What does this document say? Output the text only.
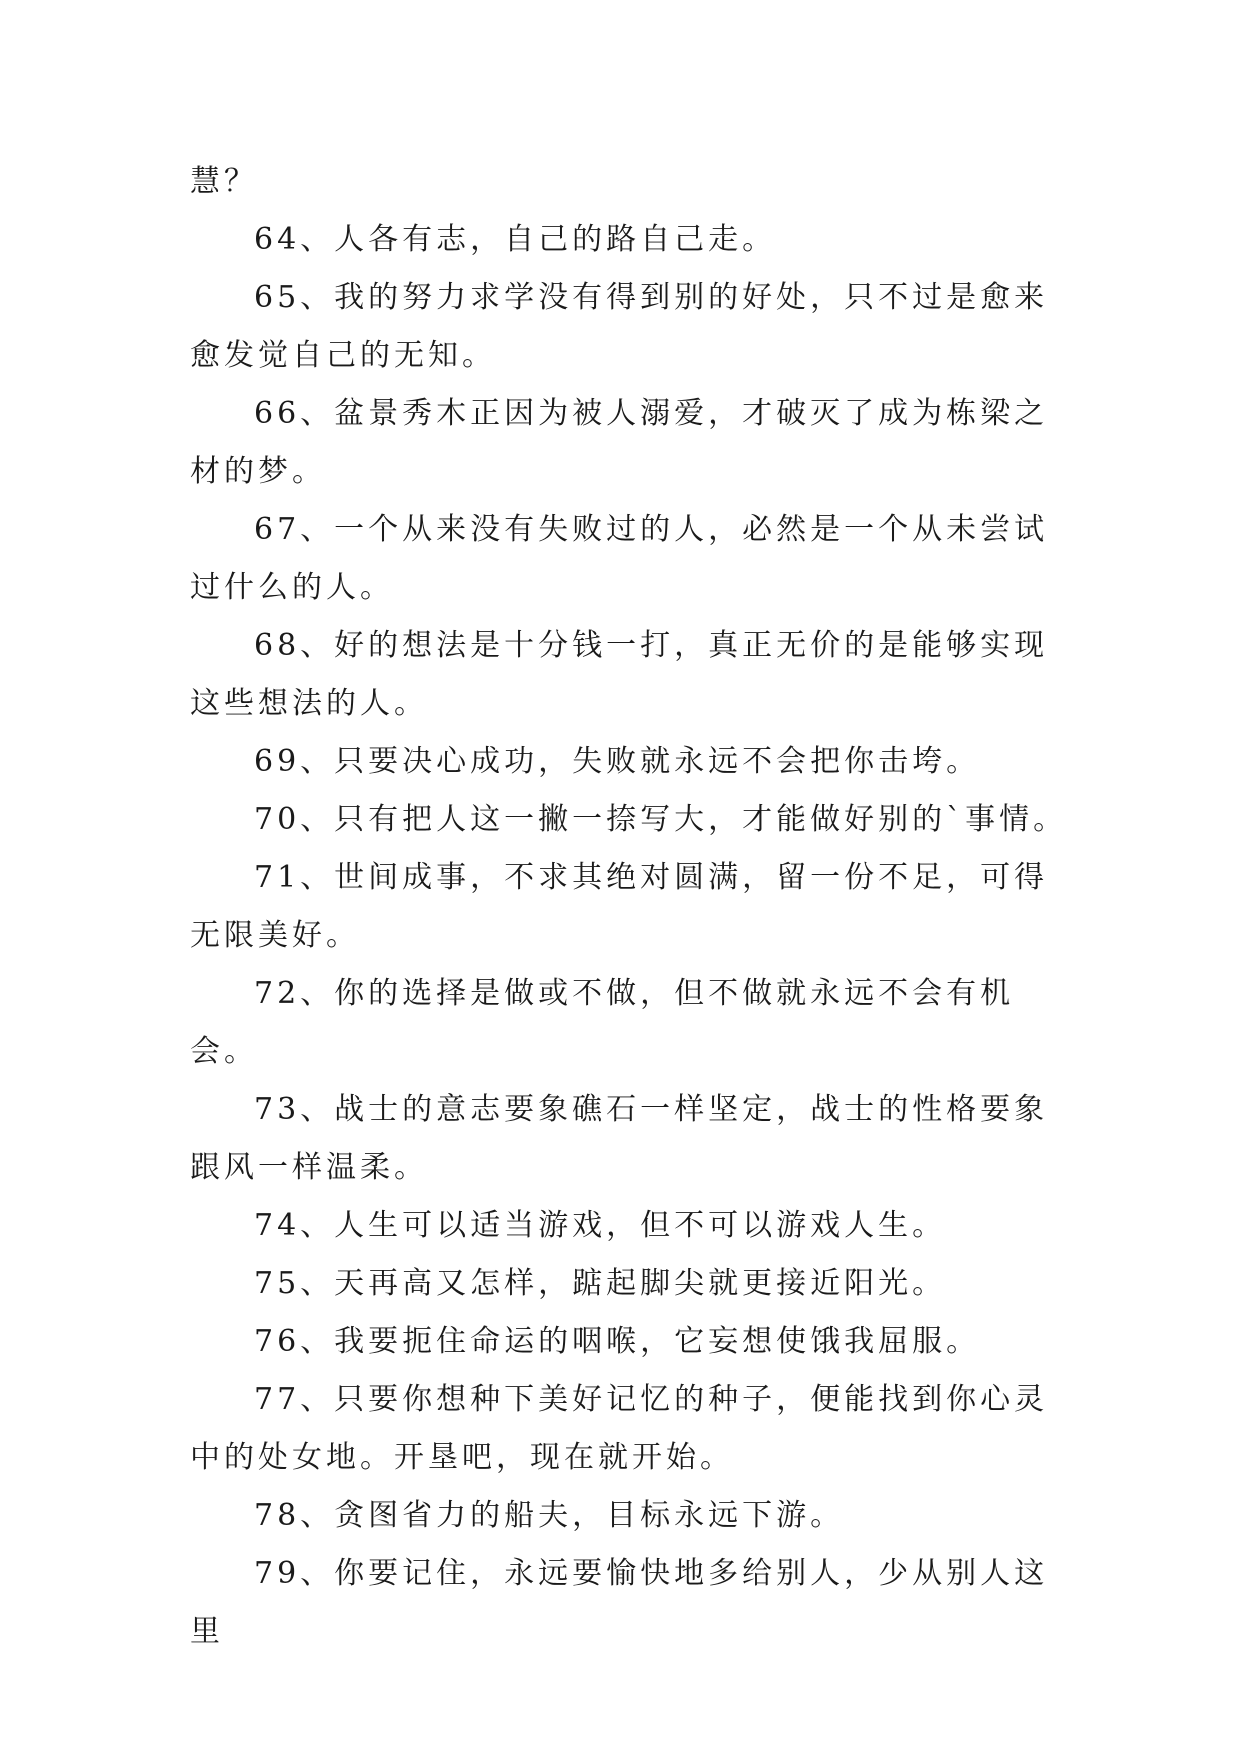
慧？

64、人各有志，自己的路自己走。

65、我的努力求学没有得到别的好处，只不过是愈来愈发觉自己的无知。

66、盆景秀木正因为被人溺爱，才破灭了成为栋梁之材的梦。

67、一个从来没有失败过的人，必然是一个从未尝试过什么的人。

68、好的想法是十分钱一打，真正无价的是能够实现这些想法的人。

69、只要决心成功，失败就永远不会把你击垮。

70、只有把人这一撇一捺写大，才能做好别的`事情。

71、世间成事，不求其绝对圆满，留一份不足，可得无限美好。

72、你的选择是做或不做，但不做就永远不会有机会。

73、战士的意志要象礁石一样坚定，战士的性格要象跟风一样温柔。

74、人生可以适当游戏，但不可以游戏人生。

75、天再高又怎样，踮起脚尖就更接近阳光。

76、我要扼住命运的咽喉，它妄想使饿我屈服。

77、只要你想种下美好记忆的种子，便能找到你心灵中的处女地。开垦吧，现在就开始。

78、贪图省力的船夫，目标永远下游。

79、你要记住，永远要愉快地多给别人，少从别人这里
